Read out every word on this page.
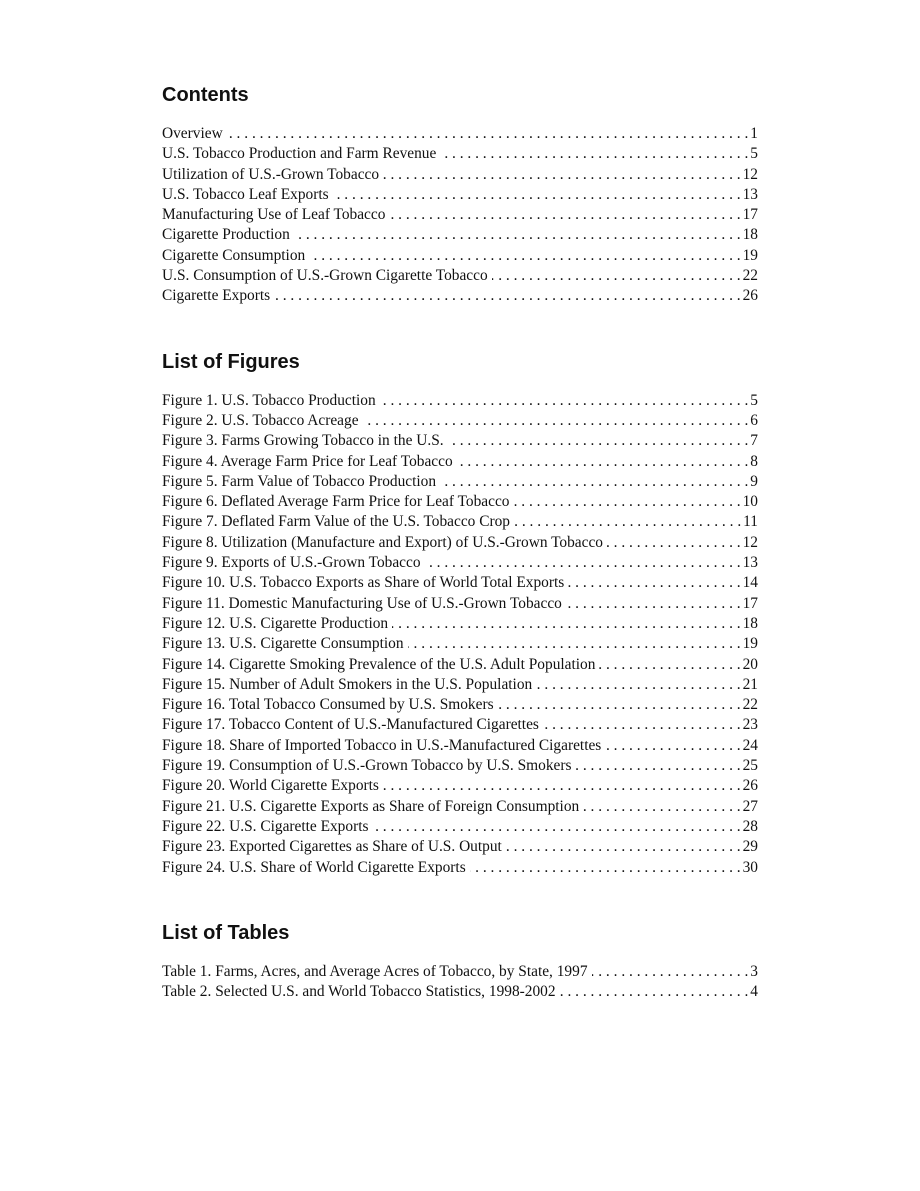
Contents
Overview . . .	1
U.S. Tobacco Production and Farm Revenue . . .	5
Utilization of U.S.-Grown Tobacco . . .	12
U.S. Tobacco Leaf Exports . . .	13
Manufacturing Use of Leaf Tobacco . . .	17
Cigarette Production . . .	18
Cigarette Consumption . . .	19
U.S. Consumption of U.S.-Grown Cigarette Tobacco . . .	22
Cigarette Exports . . .	26
List of Figures
Figure 1. U.S. Tobacco Production . . .	5
Figure 2. U.S. Tobacco Acreage . . .	6
Figure 3. Farms Growing Tobacco in the U.S. . . .	7
Figure 4. Average Farm Price for Leaf Tobacco . . .	8
Figure 5. Farm Value of Tobacco Production . . .	9
Figure 6. Deflated Average Farm Price for Leaf Tobacco . . .	10
Figure 7. Deflated Farm Value of the U.S. Tobacco Crop . . .	11
Figure 8. Utilization (Manufacture and Export) of U.S.-Grown Tobacco . . .	12
Figure 9. Exports of U.S.-Grown Tobacco . . .	13
Figure 10. U.S. Tobacco Exports as Share of World Total Exports . . .	14
Figure 11. Domestic Manufacturing Use of U.S.-Grown Tobacco . . .	17
Figure 12. U.S. Cigarette Production . . .	18
Figure 13. U.S. Cigarette Consumption . . .	19
Figure 14. Cigarette Smoking Prevalence of the U.S. Adult Population . . .	20
Figure 15. Number of Adult Smokers in the U.S. Population . . .	21
Figure 16. Total Tobacco Consumed by U.S. Smokers . . .	22
Figure 17. Tobacco Content of U.S.-Manufactured Cigarettes . . .	23
Figure 18. Share of Imported Tobacco in U.S.-Manufactured Cigarettes . . .	24
Figure 19. Consumption of U.S.-Grown Tobacco by U.S. Smokers . . .	25
Figure 20. World Cigarette Exports . . .	26
Figure 21. U.S. Cigarette Exports as Share of Foreign Consumption . . .	27
Figure 22. U.S. Cigarette Exports . . .	28
Figure 23. Exported Cigarettes as Share of U.S. Output . . .	29
Figure 24. U.S. Share of World Cigarette Exports . . .	30
List of Tables
Table 1. Farms, Acres, and Average Acres of Tobacco, by State, 1997 . . .	3
Table 2. Selected U.S. and World Tobacco Statistics, 1998-2002 . . .	4
